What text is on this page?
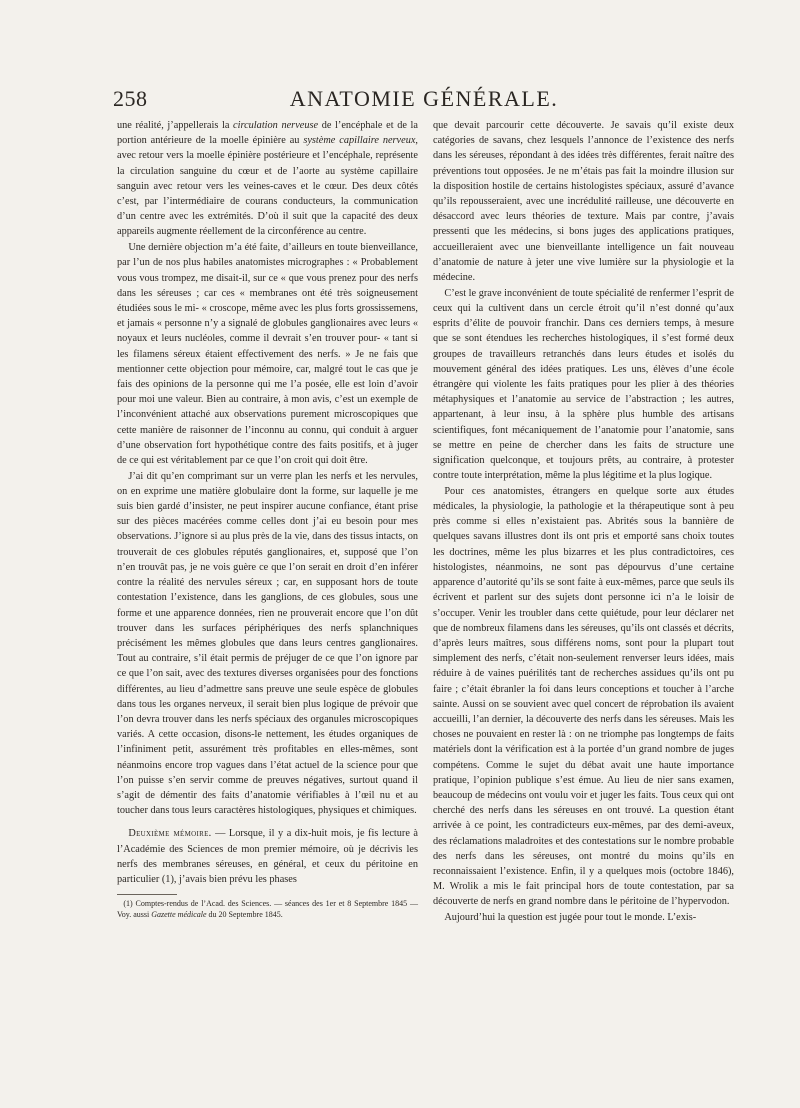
258	ANATOMIE GÉNÉRALE.

une réalité, j’appellerais la circulation nerveuse de l’encéphale et de la portion antérieure de la moelle épinière au système capillaire nerveux, avec retour vers la moelle épinière postérieure et l’encéphale, représente la circulation sanguine du cœur et de l’aorte au système capillaire sanguin avec retour vers les veines-caves et le cœur. Des deux côtés c’est, par l’intermédiaire de courans conducteurs, la communication d’un centre avec les extrémités. D’où il suit que la capacité des deux appareils augmente réellement de la circonférence au centre.

Une dernière objection m’a été faite, d’ailleurs en toute bienveillance, par l’un de nos plus habiles anatomistes micrographes : « Probablement vous vous trompez, me disait-il, sur ce « que vous prenez pour des nerfs dans les séreuses ; car ces « membranes ont été très soigneusement étudiées sous le mi- « croscope, même avec les plus forts grossissemens, et jamais « personne n’y a signalé de globules ganglionaires avec leurs « noyaux et leurs nucléoles, comme il devrait s’en trouver pour- « tant si les filamens séreux étaient effectivement des nerfs. » Je ne fais que mentionner cette objection pour mémoire, car, malgré tout le cas que je fais des opinions de la personne qui me l’a posée, elle est loin d’avoir pour moi une valeur. Bien au contraire, à mon avis, c’est un exemple de l’inconvénient attaché aux observations purement microscopiques que cette manière de raisonner de l’inconnu au connu, qui conduit à arguer d’une observation fort hypothétique contre des faits positifs, et à juger de ce qui est véritablement par ce que l’on croit qui doit être.

J’ai dit qu’en comprimant sur un verre plan les nerfs et les nervules, on en exprime une matière globulaire dont la forme, sur laquelle je me suis bien gardé d’insister, ne peut inspirer aucune confiance, étant prise sur des pièces macérées comme celles dont j’ai eu besoin pour mes observations. J’ignore si au plus près de la vie, dans des tissus intacts, on trouverait de ces globules réputés ganglionaires, et, supposé que l’on n’en trouvât pas, je ne vois guère ce que l’on serait en droit d’en inférer contre la réalité des nervules séreux ; car, en supposant hors de toute contestation l’existence, dans les ganglions, de ces globules, sous une forme et une apparence données, rien ne prouverait encore que l’on dût trouver dans les surfaces périphériques des nerfs splanchniques précisément les mêmes globules que dans leurs centres ganglionaires. Tout au contraire, s’il était permis de préjuger de ce que l’on ignore par ce que l’on sait, avec des textures diverses organisées pour des fonctions différentes, au lieu d’admettre sans preuve une seule espèce de globules dans tous les organes nerveux, il serait bien plus logique de prévoir que l’on devra trouver dans les nerfs spéciaux des organules microscopiques variés. A cette occasion, disons-le nettement, les études organiques de l’infiniment petit, assurément très profitables en elles-mêmes, sont néanmoins encore trop vagues dans l’état actuel de la science pour que l’on puisse s’en servir comme de preuves négatives, surtout quand il s’agit de démentir des faits d’anatomie vérifiables à l’œil nu et au toucher dans tous leurs caractères histologiques, physiques et chimiques.

Deuxième mémoire. — Lorsque, il y a dix-huit mois, je fis lecture à l’Académie des Sciences de mon premier mémoire, où je décrivis les nerfs des membranes séreuses, en général, et ceux du péritoine en particulier (1), j’avais bien prévu les phases

(1) Comptes-rendus de l’Acad. des Sciences. — séances des 1er et 8 Septembre 1845 — Voy. aussi Gazette médicale du 20 Septembre 1845.

que devait parcourir cette découverte. Je savais qu’il existe deux catégories de savans, chez lesquels l’annonce de l’existence des nerfs dans les séreuses, répondant à des idées très différentes, ferait naître des préventions tout opposées. Je ne m’étais pas fait la moindre illusion sur la disposition hostile de certains histologistes spéciaux, assuré d’avance qu’ils repousseraient, avec une incrédulité railleuse, une découverte en désaccord avec leurs théories de texture. Mais par contre, j’avais pressenti que les médecins, si bons juges des applications pratiques, accueilleraient avec une bienveillante intelligence un fait nouveau d’anatomie de nature à jeter une vive lumière sur la physiologie et la médecine.

C’est le grave inconvénient de toute spécialité de renfermer l’esprit de ceux qui la cultivent dans un cercle étroit qu’il n’est donné qu’aux esprits d’élite de pouvoir franchir. Dans ces derniers temps, à mesure que se sont étendues les recherches histologiques, il s’est formé deux groupes de travailleurs retranchés dans leurs études et isolés du mouvement général des idées pratiques. Les uns, élèves d’une école étrangère qui violente les faits pratiques pour les plier à des théories métaphysiques et l’anatomie au service de l’abstraction ; les autres, appartenant, à leur insu, à la sphère plus humble des artisans scientifiques, font mécaniquement de l’anatomie pour l’anatomie, sans se mettre en peine de chercher dans les faits de structure une signification quelconque, et toujours prêts, au contraire, à protester contre toute interprétation, même la plus légitime et la plus logique.

Pour ces anatomistes, étrangers en quelque sorte aux études médicales, la physiologie, la pathologie et la thérapeutique sont à peu près comme si elles n’existaient pas. Abrités sous la bannière de quelques savans illustres dont ils ont pris et emporté sans choix toutes les doctrines, même les plus bizarres et les plus contradictoires, ces histologistes, néanmoins, ne sont pas dépourvus d’une certaine apparence d’autorité qu’ils se sont faite à eux-mêmes, parce que seuls ils écrivent et parlent sur des sujets dont personne ici n’a le loisir de s’occuper. Venir les troubler dans cette quiétude, pour leur déclarer net que de nombreux filamens dans les séreuses, qu’ils ont classés et décrits, d’après leurs maîtres, sous différens noms, sont pour la plupart tout simplement des nerfs, c’était non-seulement renverser leurs idées, mais réduire à de vaines puérilités tant de recherches assidues qu’ils ont pu faire ; c’était ébranler la foi dans leurs conceptions et toucher à l’arche sainte. Aussi on se souvient avec quel concert de réprobation ils avaient accueilli, l’an dernier, la découverte des nerfs dans les séreuses. Mais les choses ne pouvaient en rester là : on ne triomphe pas longtemps de faits matériels dont la vérification est à la portée d’un grand nombre de juges compétens. Comme le sujet du débat avait une haute importance pratique, l’opinion publique s’est émue. Au lieu de nier sans examen, beaucoup de médecins ont voulu voir et juger les faits. Tous ceux qui ont cherché des nerfs dans les séreuses en ont trouvé. La question étant arrivée à ce point, les contradicteurs eux-mêmes, par des demi-aveux, des réclamations maladroites et des contestations sur le nombre probable des nerfs dans les séreuses, ont montré du moins qu’ils en reconnaissaient l’existence. Enfin, il y a quelques mois (octobre 1846), M. Wrolik a mis le fait principal hors de toute contestation, par sa découverte de nerfs en grand nombre dans le péritoine de l’hypervodon.

Aujourd’hui la question est jugée pour tout le monde. L’exis-
